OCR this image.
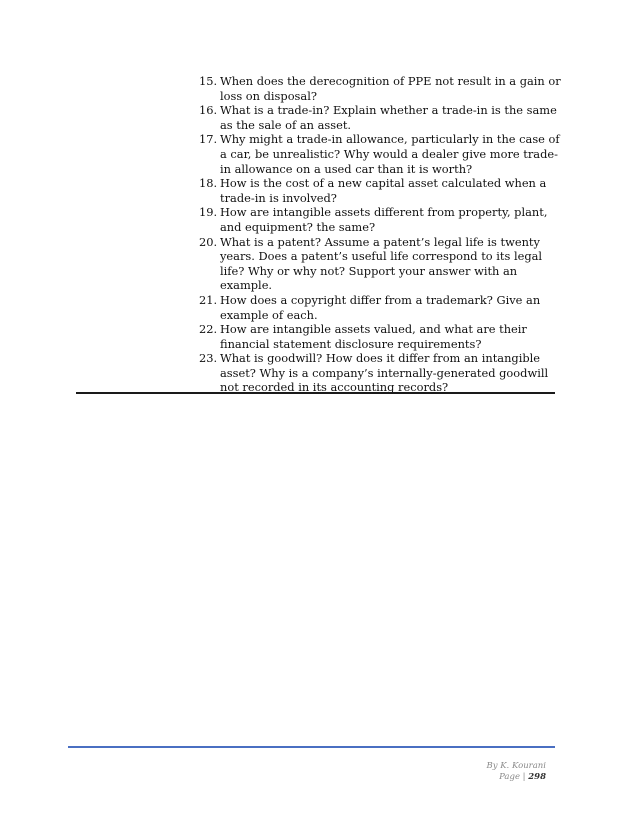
15. When does the derecognition of PPE not result in a gain or loss on disposal?
16. What is a trade-in? Explain whether a trade-in is the same as the sale of an asset.
17. Why might a trade-in allowance, particularly in the case of a car, be unrealistic? Why would a dealer give more trade-in allowance on a used car than it is worth?
18. How is the cost of a new capital asset calculated when a trade-in is involved?
19. How are intangible assets different from property, plant, and equipment? the same?
20. What is a patent? Assume a patent’s legal life is twenty years. Does a patent’s useful life correspond to its legal life? Why or why not? Support your answer with an example.
21. How does a copyright differ from a trademark? Give an example of each.
22. How are intangible assets valued, and what are their financial statement disclosure requirements?
23. What is goodwill? How does it differ from an intangible asset? Why is a company’s internally-generated goodwill not recorded in its accounting records?
By K. Kourani
Page | 298
